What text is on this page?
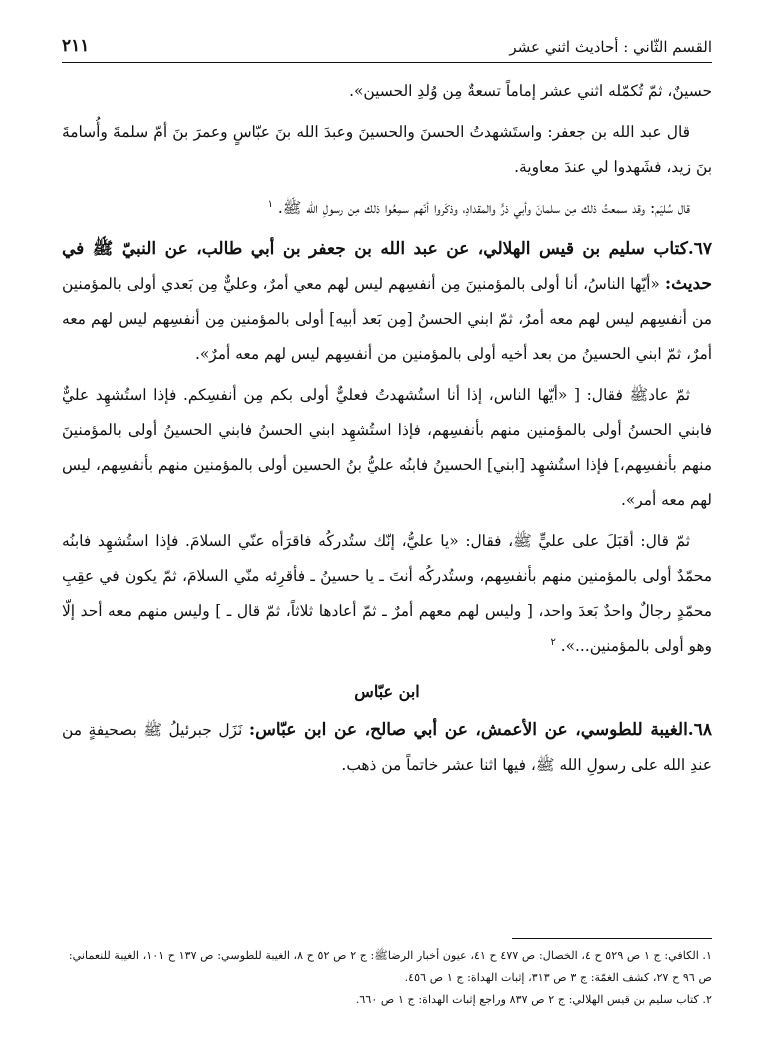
٢١١	القسم الثّاني : أحاديث اثني عشر

حسينٌ، ثمّ تُكمّله اثني عشر إماماً تسعةٌ مِن وُلدِ الحسين».

قال عبد الله بن جعفر: واستَشهدتُ الحسنَ والحسينَ وعبدَ الله بنَ عبّاسٍ وعمرَ بنَ أمّ سلمةَ وأُسامةَ بنَ زيد، فشَهدوا لي عندَ معاوية.

قال سُليَم: وقد سمعتُ ذلك مِن سلمانَ وأبي ذرٍّ والمقدادِ، وذكَروا أنّهم سمِعُوا ذلك مِن رسولِ الله ﷺ. $^١$

٦٧.كتاب سليم بن قيس الهلالي، عن عبد الله بن جعفر بن أبي طالب، عن النبيّ ﷺ في حديث: «أيّها الناسُ، أنا أولى بالمؤمنينَ مِن أنفسِهم ليس لهم معي أمرٌ، وعليٌّ مِن بَعدي أولى بالمؤمنين من أنفسِهم ليس لهم معه أمرٌ، ثمّ ابني الحسنُ [مِن بَعد أبيه] أولى بالمؤمنين مِن أنفسِهم ليس لهم معه أمرٌ، ثمّ ابني الحسينُ من بعد أخيه أولى بالمؤمنين من أنفسِهم ليس لهم معه أمرٌ».

ثمّ عادﷺ فقال: [ «أيّها الناس، إذا أنا استُشهدتُ فعليٌّ أولى بكم مِن أنفسِكم. فإذا استُشهِد عليٌّ فابني الحسنُ أولى بالمؤمنين منهم بأنفسِهم، فإذا استُشهِد ابني الحسنُ فابني الحسينُ أولى بالمؤمنينَ منهم بأنفسِهم،] فإذا استُشهِد [ابني] الحسينُ فابنُه عليُّ بنُ الحسين أولى بالمؤمنين منهم بأنفسِهم، ليس لهم معه أمر».

ثمّ قال: أقبَلَ على عليٍّ ﷺ، فقال: «يا عليُّ، إنّك ستُدركُه فاقرَأه عنّي السلامَ. فإذا استُشهِد فابنُه محمّدٌ أولى بالمؤمنين منهم بأنفسِهم، وستُدركُه أنتَ ـ يا حسينُ ـ فأقرِئه منّي السلامَ، ثمّ يكون في عقِبِ محمّدٍ رجالٌ واحدٌ بَعدَ واحد، [ وليس لهم معهم أمرٌ ـ ثمّ أعادها ثلاثاً، ثمّ قال ـ ] وليس منهم معه أحد إلّا وهو أولى بالمؤمنين...». $^٢$

ابن عبّاس

٦٨.الغيبة للطوسي، عن الأعمش، عن أبي صالح، عن ابن عبّاس: نَزَل جبرئيلُ ﷺ بصحيفةٍ من عندِ الله على رسولِ الله ﷺ، فيها اثنا عشر خاتماً من ذهب.

١. الكافي: ج ١ ص ٥٢٩ ح ٤، الخصال: ص ٤٧٧ ح ٤١، عيون أخبار الرضاﷺ: ج ٢ ص ٥٢ ح ٨، الغيبة للطوسي: ص ١٣٧ ح ١٠١، الغيبة للنعماني: ص ٩٦ ح ٢٧، كشف الغمّة: ج ٣ ص ٣١٣، إثبات الهداة: ج ١ ص ٤٥٦.

٢. كتاب سليم بن قيس الهلالي: ج ٢ ص ٨٣٧ وراجع إثبات الهداة: ج ١ ص ٦٦٠.
